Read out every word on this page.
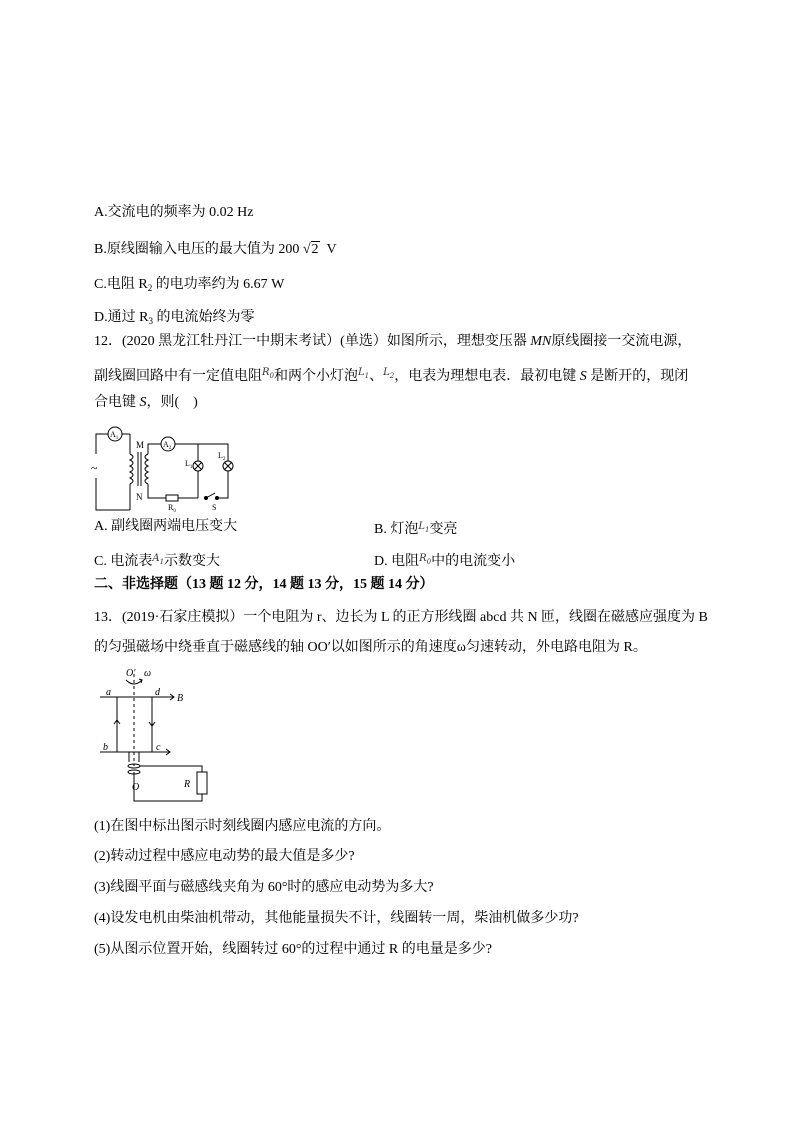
A.交流电的频率为 0.02 Hz
B.原线圈输入电压的最大值为 200 √2 V
C.电阻 $R_2$ 的电功率约为 6.67 W
D.通过 $R_3$ 的电流始终为零
12．(2020 黑龙江牡丹江一中期末考试）(单选）如图所示，理想变压器 MN原线圈接一交流电源，
副线圈回路中有一定值电阻$^{R_0}$和两个小灯泡$^{L_1}$、$^{L_2}$，电表为理想电表．最初电键 S 是断开的，现闭
合电键 S，则(　)
$A_1$
$A_2$
~
M
N
$L_1$
$L_2$
$R_0$	S
A. 副线圈两端电压变大	B. 灯泡$^{L_1}$变亮
C. 电流表$^{A_1}$示数变大	D. 电阻$^{R_0}$中的电流变小
二、非选择题（13 题 12 分，14 题 13 分，15 题 14 分）
13．(2019·石家庄模拟）一个电阻为 r、边长为 L 的正方形线圈 abcd 共 N 匝，线圈在磁感应强度为 B
的匀强磁场中绕垂直于磁感线的轴 OO′以如图所示的角速度ω匀速转动，外电路电阻为 R。
O′ ω
a	d
B
b	c
O	R
(1)在图中标出图示时刻线圈内感应电流的方向。
(2)转动过程中感应电动势的最大值是多少?
(3)线圈平面与磁感线夹角为 60°时的感应电动势为多大?
(4)设发电机由柴油机带动，其他能量损失不计，线圈转一周，柴油机做多少功?
(5)从图示位置开始，线圈转过 60°的过程中通过 R 的电量是多少?
